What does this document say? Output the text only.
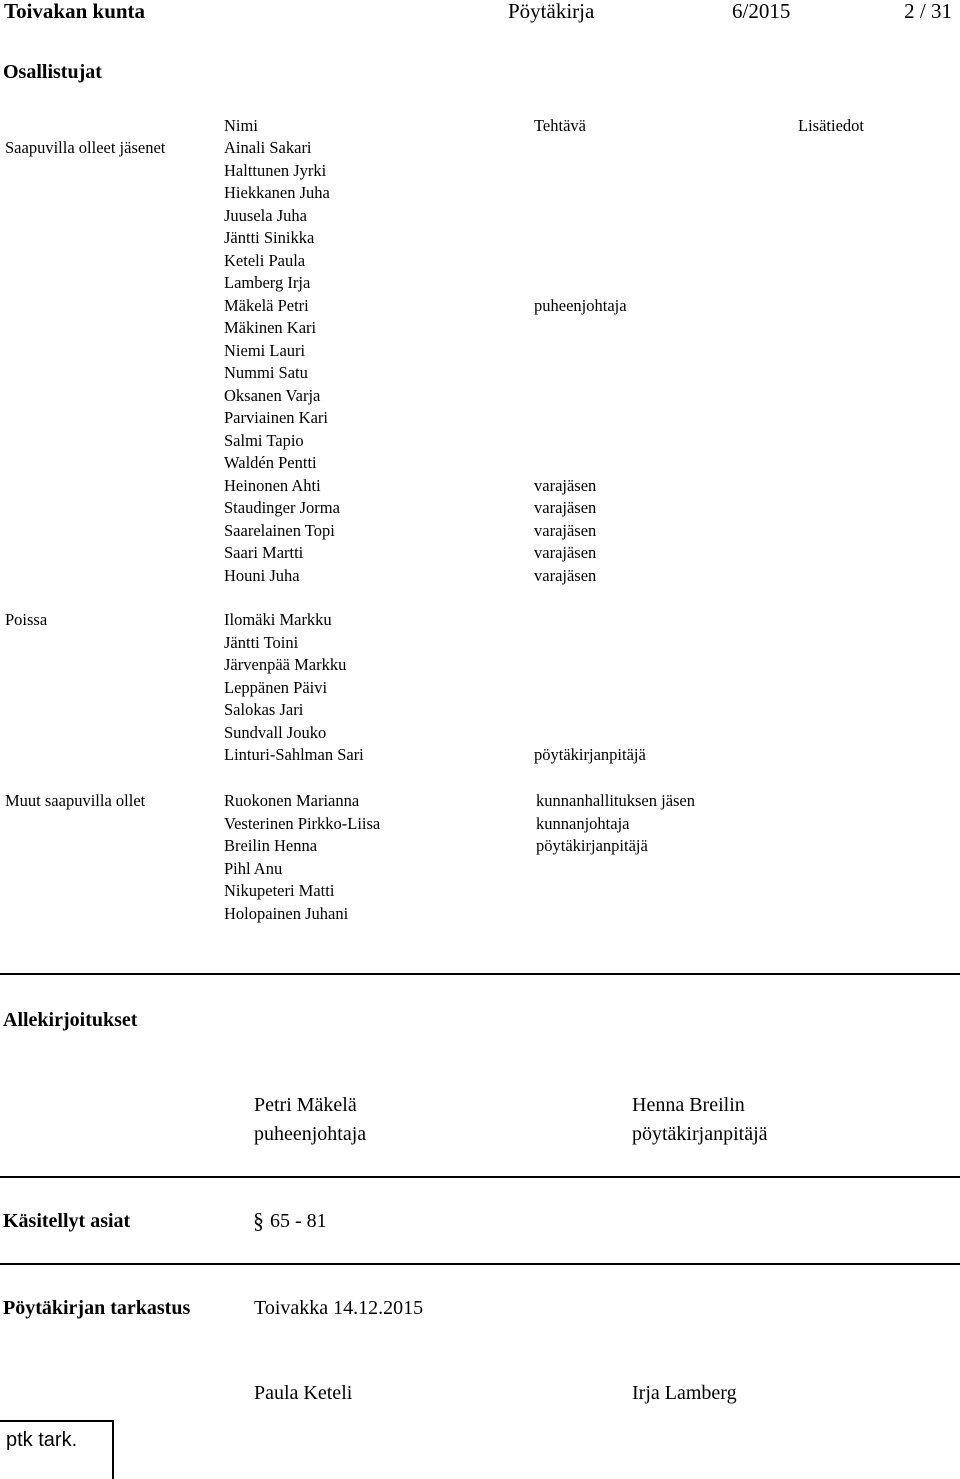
Toivakan kunta	Pöytäkirja	6/2015	2 / 31
Osallistujat
Nimi	Tehtävä	Lisätiedot
Saapuvilla olleet jäsenet	Ainali Sakari
Halttunen Jyrki
Hiekkanen Juha
Juusela Juha
Jäntti Sinikka
Keteli Paula
Lamberg Irja
Mäkelä Petri	puheenjohtaja
Mäkinen Kari
Niemi Lauri
Nummi Satu
Oksanen Varja
Parviainen Kari
Salmi Tapio
Waldén Pentti
Heinonen Ahti	varajäsen
Staudinger Jorma	varajäsen
Saarelainen Topi	varajäsen
Saari Martti	varajäsen
Houni Juha	varajäsen
Poissa	Ilomäki Markku
Jäntti Toini
Järvenpää Markku
Leppänen Päivi
Salokas Jari
Sundvall Jouko
Linturi-Sahlman Sari	pöytäkirjanpitäjä
Muut saapuvilla ollet	Ruokonen Marianna	kunnanhallituksen jäsen
Vesterinen Pirkko-Liisa	kunnanjohtaja
Breilin Henna	pöytäkirjanpitäjä
Pihl Anu
Nikupeteri Matti
Holopainen Juhani
Allekirjoitukset
Petri Mäkelä
puheenjohtaja
Henna Breilin
pöytäkirjanpitäjä
Käsitellyt asiat	§ 65 - 81
Pöytäkirjan tarkastus	Toivakka 14.12.2015
Paula Keteli	Irja Lamberg
ptk tark.
